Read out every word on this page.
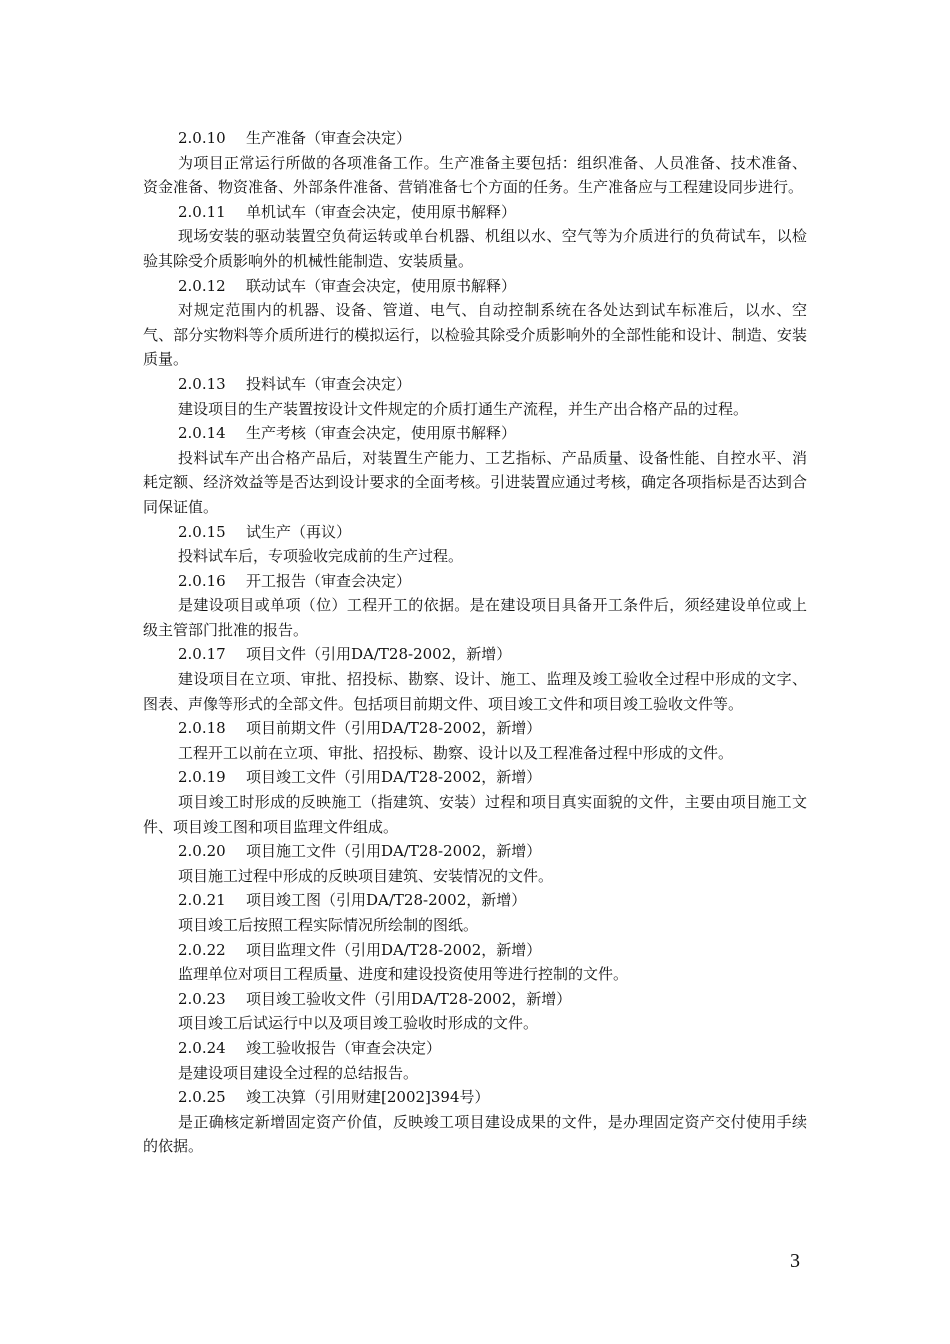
2.0.10 生产准备（审查会决定）

为项目正常运行所做的各项准备工作。生产准备主要包括：组织准备、人员准备、技术准备、资金准备、物资准备、外部条件准备、营销准备七个方面的任务。生产准备应与工程建设同步进行。

2.0.11 单机试车（审查会决定，使用原书解释）

现场安装的驱动装置空负荷运转或单台机器、机组以水、空气等为介质进行的负荷试车，以检验其除受介质影响外的机械性能制造、安装质量。

2.0.12 联动试车（审查会决定，使用原书解释）

对规定范围内的机器、设备、管道、电气、自动控制系统在各处达到试车标准后，以水、空气、部分实物料等介质所进行的模拟运行，以检验其除受介质影响外的全部性能和设计、制造、安装质量。

2.0.13 投料试车（审查会决定）

建设项目的生产装置按设计文件规定的介质打通生产流程，并生产出合格产品的过程。

2.0.14 生产考核（审查会决定，使用原书解释）

投料试车产出合格产品后，对装置生产能力、工艺指标、产品质量、设备性能、自控水平、消耗定额、经济效益等是否达到设计要求的全面考核。引进装置应通过考核，确定各项指标是否达到合同保证值。

2.0.15 试生产（再议）

投料试车后，专项验收完成前的生产过程。

2.0.16 开工报告（审查会决定）

是建设项目或单项（位）工程开工的依据。是在建设项目具备开工条件后，须经建设单位或上级主管部门批准的报告。

2.0.17 项目文件（引用DA/T28-2002，新增）

建设项目在立项、审批、招投标、勘察、设计、施工、监理及竣工验收全过程中形成的文字、图表、声像等形式的全部文件。包括项目前期文件、项目竣工文件和项目竣工验收文件等。

2.0.18 项目前期文件（引用DA/T28-2002，新增）

工程开工以前在立项、审批、招投标、勘察、设计以及工程准备过程中形成的文件。

2.0.19 项目竣工文件（引用DA/T28-2002，新增）

项目竣工时形成的反映施工（指建筑、安装）过程和项目真实面貌的文件，主要由项目施工文件、项目竣工图和项目监理文件组成。

2.0.20 项目施工文件（引用DA/T28-2002，新增）

项目施工过程中形成的反映项目建筑、安装情况的文件。

2.0.21 项目竣工图（引用DA/T28-2002，新增）

项目竣工后按照工程实际情况所绘制的图纸。

2.0.22 项目监理文件（引用DA/T28-2002，新增）

监理单位对项目工程质量、进度和建设投资使用等进行控制的文件。

2.0.23 项目竣工验收文件（引用DA/T28-2002，新增）

项目竣工后试运行中以及项目竣工验收时形成的文件。

2.0.24 竣工验收报告（审查会决定）

是建设项目建设全过程的总结报告。

2.0.25 竣工决算（引用财建[2002]394号）

是正确核定新增固定资产价值，反映竣工项目建设成果的文件，是办理固定资产交付使用手续的依据。

3
